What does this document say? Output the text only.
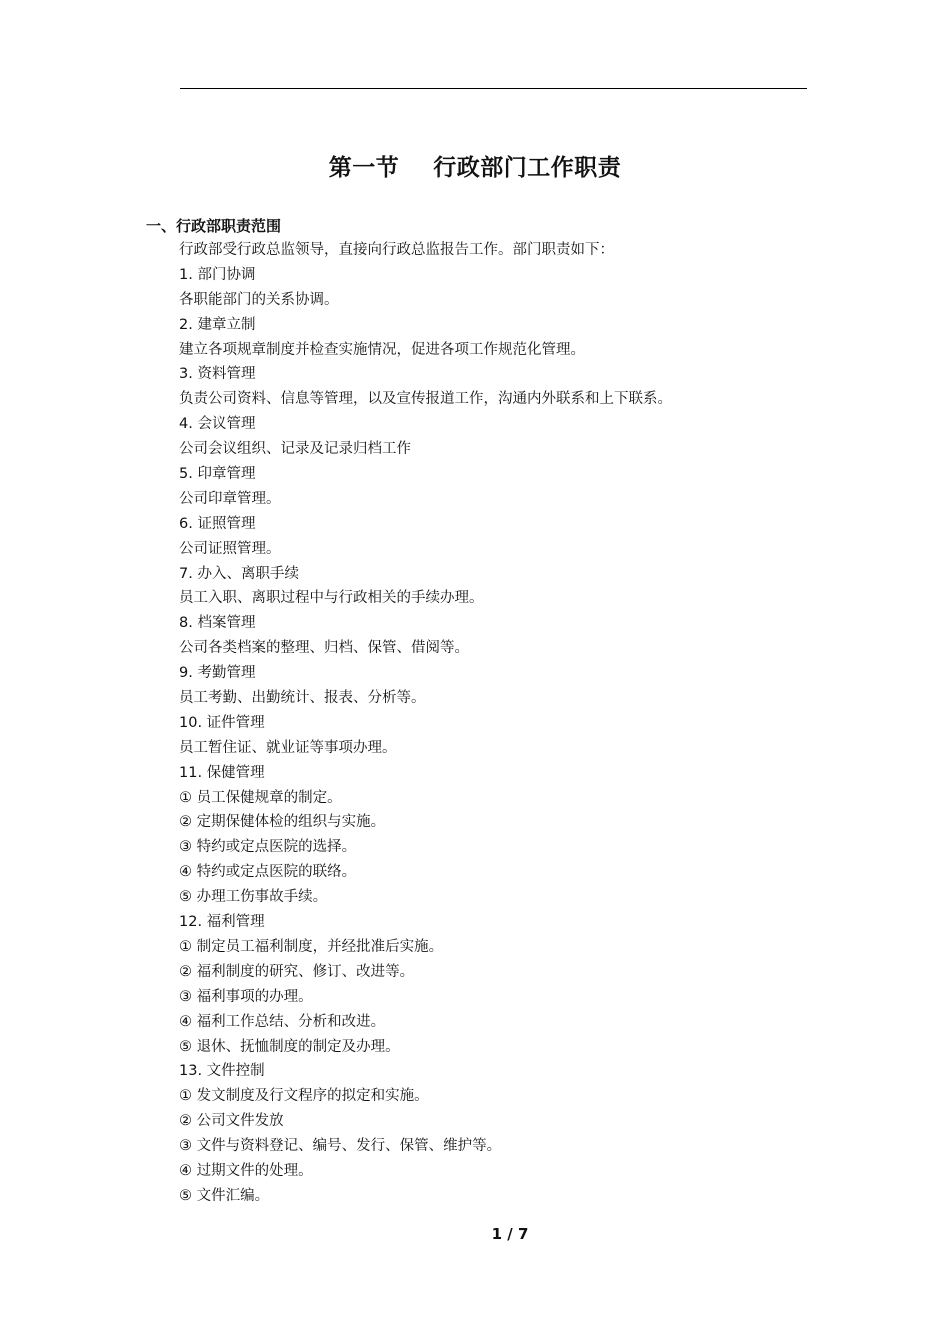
第一节    行政部门工作职责
一、行政部职责范围
行政部受行政总监领导，直接向行政总监报告工作。部门职责如下：
1. 部门协调
各职能部门的关系协调。
2. 建章立制
建立各项规章制度并检查实施情况，促进各项工作规范化管理。
3. 资料管理
负责公司资料、信息等管理，以及宣传报道工作，沟通内外联系和上下联系。
4. 会议管理
公司会议组织、记录及记录归档工作
5. 印章管理
公司印章管理。
6. 证照管理
公司证照管理。
7. 办入、离职手续
员工入职、离职过程中与行政相关的手续办理。
8. 档案管理
公司各类档案的整理、归档、保管、借阅等。
9. 考勤管理
员工考勤、出勤统计、报表、分析等。
10. 证件管理
员工暂住证、就业证等事项办理。
11. 保健管理
① 员工保健规章的制定。
② 定期保健体检的组织与实施。
③ 特约或定点医院的选择。
④ 特约或定点医院的联络。
⑤ 办理工伤事故手续。
12. 福利管理
① 制定员工福利制度，并经批准后实施。
② 福利制度的研究、修订、改进等。
③ 福利事项的办理。
④ 福利工作总结、分析和改进。
⑤ 退休、抚恤制度的制定及办理。
13. 文件控制
① 发文制度及行文程序的拟定和实施。
② 公司文件发放
③ 文件与资料登记、编号、发行、保管、维护等。
④ 过期文件的处理。
⑤ 文件汇编。
1 / 7
